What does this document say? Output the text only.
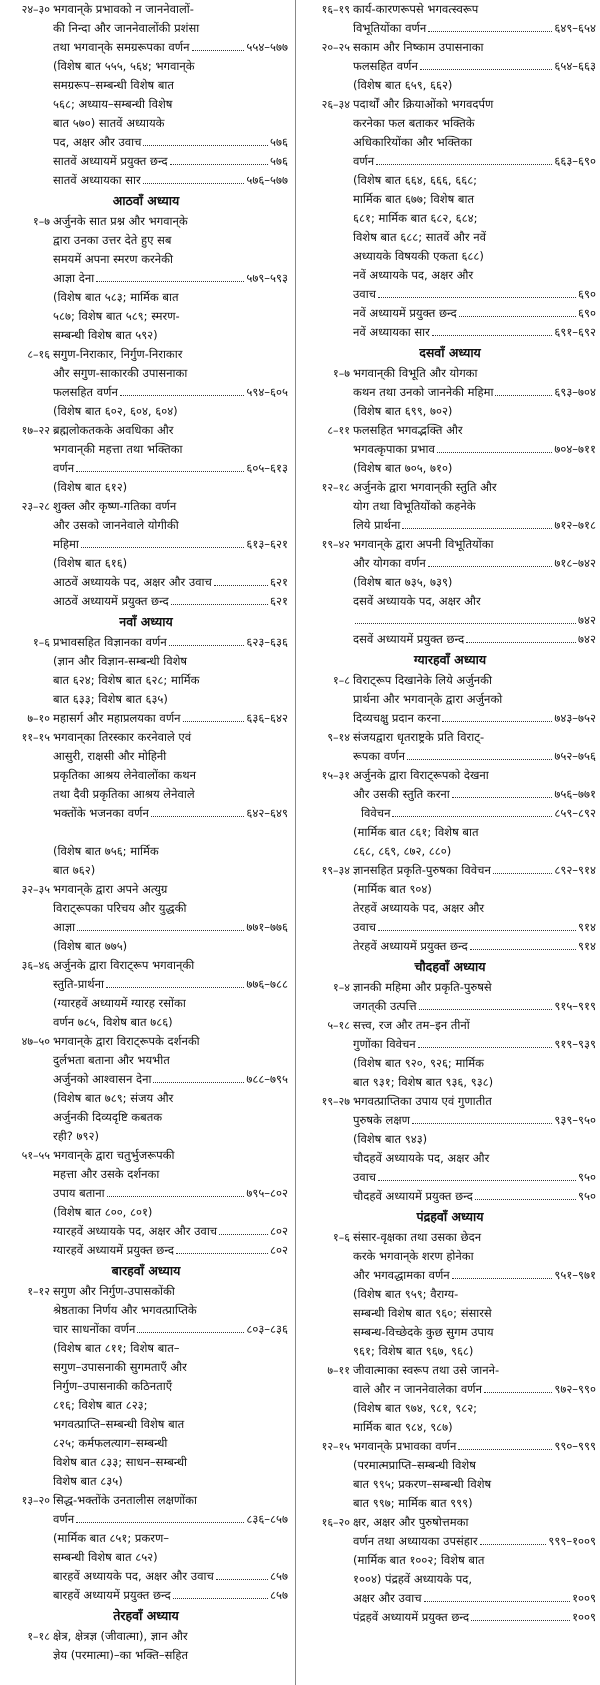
२४–३० भगवान्‌के प्रभावको न जाननेवालों-
की निन्दा और जाननेवालोंकी प्रशंसा
तथा भगवान्‌के समग्ररूपका वर्णन	५५४–५७७
(विशेष बात ५५५, ५६४; भगवान्‌के
समग्ररूप–सम्बन्धी विशेष बात
५६८; अध्याय–सम्बन्धी विशेष
बात ५७०) सातवें अध्यायके
पद, अक्षर और उवाच	५७६
सातवें अध्यायमें प्रयुक्त छन्द	५७६
सातवें अध्यायका सार	५७६–५७७
आठवाँ अध्याय
१–७ अर्जुनके सात प्रश्न और भगवान्‌के
द्वारा उनका उत्तर देते हुए सब
समयमें अपना स्मरण करनेकी
आज्ञा देना	५७९–५९३
(विशेष बात ५८३; मार्मिक बात
५८७; विशेष बात ५८९; स्मरण-
सम्बन्धी विशेष बात ५९२)
८–१६ सगुण-निराकार, निर्गुण-निराकार
और सगुण-साकारकी उपासनाका
फलसहित वर्णन	५९४–६०५
(विशेष बात ६०२, ६०४, ६०४)
१७–२२ ब्रह्मलोकतकके अवधिका और
भगवान्‌की महत्ता तथा भक्तिका
वर्णन	६०५–६१३
(विशेष बात ६१२)
२३–२८ शुक्ल और कृष्ण-गतिका वर्णन
और उसको जाननेवाले योगीकी
महिमा	६१३–६२१
(विशेष बात ६१६)
आठवें अध्यायके पद, अक्षर और उवाच	६२१
आठवें अध्यायमें प्रयुक्त छन्द	६२१
नवाँ अध्याय
१–६ प्रभावसहित विज्ञानका वर्णन	६२३–६३६
(ज्ञान और विज्ञान-सम्बन्धी विशेष
बात ६२४; विशेष बात ६२८; मार्मिक
बात ६३३; विशेष बात ६३५)
७–१० महासर्ग और महाप्रलयका वर्णन	६३६–६४२
११–१५ भगवान्‌का तिरस्कार करनेवाले एवं
आसुरी, राक्षसी और मोहिनी
प्रकृतिका आश्रय लेनेवालोंका कथन
तथा दैवी प्रकृतिका आश्रय लेनेवाले
भक्तोंके भजनका वर्णन	६४२–६४९
(विशेष बात ७५६; मार्मिक
बात ७६२)
३२–३५ भगवान्‌के द्वारा अपने अत्युग्र
विराट्‌रूपका परिचय और युद्धकी
आज्ञा	७७१–७७६
(विशेष बात ७७५)
३६–४६ अर्जुनके द्वारा विराट्‌रूप भगवान्‌की
स्तुति-प्रार्थना	७७६–७८८
(ग्यारहवें अध्यायमें ग्यारह रसोंका
वर्णन ७८५, विशेष बात ७८६)
४७–५० भगवान्‌के द्वारा विराट्‌रूपके दर्शनकी
दुर्लभता बताना और भयभीत
अर्जुनको आश्वासन देना	७८८–७९५
(विशेष बात ७८९; संजय और
अर्जुनकी दिव्यदृष्टि कबतक
रही? ७९२)
५१–५५ भगवान्‌के द्वारा चतुर्भुजरूपकी
महत्ता और उसके दर्शनका
उपाय बताना	७९५–८०२
(विशेष बात ८००, ८०१)
ग्यारहवें अध्यायके पद, अक्षर और उवाच	८०२
ग्यारहवें अध्यायमें प्रयुक्त छन्द	८०२
बारहवाँ अध्याय
१–१२ सगुण और निर्गुण-उपासकोंकी
श्रेष्ठताका निर्णय और भगवत्प्राप्तिके
चार साधनोंका वर्णन	८०३–८३६
(विशेष बात ८११; विशेष बात–
सगुण–उपासनाकी सुगमताएँ और
निर्गुण–उपासनाकी कठिनताएँ
८१६; विशेष बात ८२३;
भगवत्प्राप्ति–सम्बन्धी विशेष बात
८२५; कर्मफलत्याग–सम्बन्धी
विशेष बात ८३३; साधन–सम्बन्धी
विशेष बात ८३५)
१३–२० सिद्ध-भक्तोंके उनतालीस लक्षणोंका
वर्णन	८३६–८५७
(मार्मिक बात ८५१; प्रकरण–
सम्बन्धी विशेष बात ८५२)
बारहवें अध्यायके पद, अक्षर और उवाच	८५७
बारहवें अध्यायमें प्रयुक्त छन्द	८५७
तेरहवाँ अध्याय
१–१८ क्षेत्र, क्षेत्रज्ञ (जीवात्मा), ज्ञान और
ज्ञेय (परमात्मा)–का भक्ति–सहित
१६–१९ कार्य-कारणरूपसे भगवत्स्वरूप
विभूतियोंका वर्णन	६४९–६५४
२०–२५ सकाम और निष्काम उपासनाका
फलसहित वर्णन	६५४–६६३
(विशेष बात ६५९, ६६२)
२६–३४ पदार्थों और क्रियाओंको भगवदर्पण
करनेका फल बताकर भक्तिके
अधिकारियोंका और भक्तिका
वर्णन	६६३–६९०
(विशेष बात ६६४, ६६६, ६६८;
मार्मिक बात ६७७; विशेष बात
६८१; मार्मिक बात ६८२, ६८४;
विशेष बात ६८८; सातवें और नवें
अध्यायके विषयकी एकता ६८८)
नवें अध्यायके पद, अक्षर और
उवाच	६९०
नवें अध्यायमें प्रयुक्त छन्द	६९०
नवें अध्यायका सार	६९१–६९२
दसवाँ अध्याय
१–७ भगवान्‌की विभूति और योगका
कथन तथा उनको जाननेकी महिमा	६९३–७०४
(विशेष बात ६९९, ७०२)
८–११ फलसहित भगवद्भक्ति और
भगवत्कृपाका प्रभाव	७०४–७११
(विशेष बात ७०५, ७१०)
१२–१८ अर्जुनके द्वारा भगवान्‌की स्तुति और
योग तथा विभूतियोंको कहनेके
लिये प्रार्थना	७१२–७१८
१९–४२ भगवान्‌के द्वारा अपनी विभूतियोंका
और योगका वर्णन	७१८–७४२
(विशेष बात ७३५, ७३९)
दसवें अध्यायके पद, अक्षर और
७४२
दसवें अध्यायमें प्रयुक्त छन्द	७४२
ग्यारहवाँ अध्याय
१–८ विराट्‌रूप दिखानेके लिये अर्जुनकी
प्रार्थना और भगवान्‌के द्वारा अर्जुनको
दिव्यचक्षु प्रदान करना	७४३–७५२
९–१४ संजयद्वारा धृतराष्ट्रके प्रति विराट्-
रूपका वर्णन	७५२–७५६
१५–३१ अर्जुनके द्वारा विराट्‌रूपको देखना
और उसकी स्तुति करना	७५६–७७१
विवेचन	८५९–८९२
(मार्मिक बात ८६१; विशेष बात
८६८, ८६९, ८७२, ८८०)
१९–३४ ज्ञानसहित प्रकृति-पुरुषका विवेचन	८९२–९१४
(मार्मिक बात ९०४)
तेरहवें अध्यायके पद, अक्षर और
उवाच	९१४
तेरहवें अध्यायमें प्रयुक्त छन्द	९१४
चौदहवाँ अध्याय
१–४ ज्ञानकी महिमा और प्रकृति-पुरुषसे
जगत्‌की उत्पत्ति	९१५–९१९
५–१८ सत्त्व, रज और तम–इन तीनों
गुणोंका विवेचन	९१९–९३९
(विशेष बात ९२०, ९२६; मार्मिक
बात ९३१; विशेष बात ९३६, ९३८)
१९–२७ भगवत्प्राप्तिका उपाय एवं गुणातीत
पुरुषके लक्षण	९३९–९५०
(विशेष बात ९४३)
चौदहवें अध्यायके पद, अक्षर और
उवाच	९५०
चौदहवें अध्यायमें प्रयुक्त छन्द	९५०
पंद्रहवाँ अध्याय
१–६ संसार-वृक्षका तथा उसका छेदन
करके भगवान्‌के शरण होनेका
और भगवद्धामका वर्णन	९५१–९७१
(विशेष बात ९५९; वैराग्य-
सम्बन्धी विशेष बात ९६०; संसारसे
सम्बन्ध-विच्छेदके कुछ सुगम उपाय
९६१; विशेष बात ९६७, ९६८)
७–११ जीवात्माका स्वरूप तथा उसे जानने-
वाले और न जाननेवालेका वर्णन	९७२–९९०
(विशेष बात ९७४, ९८१, ९८२;
मार्मिक बात ९८४, ९८७)
१२–१५ भगवान्‌के प्रभावका वर्णन	९९०–९९९
(परमात्मप्राप्ति–सम्बन्धी विशेष
बात ९९५; प्रकरण–सम्बन्धी विशेष
बात ९९७; मार्मिक बात ९९९)
१६–२० क्षर, अक्षर और पुरुषोत्तमका
वर्णन तथा अध्यायका उपसंहार	९९९–१००९
(मार्मिक बात १००२; विशेष बात
१००४) पंद्रहवें अध्यायके पद,
अक्षर और उवाच	१००९
पंद्रहवें अध्यायमें प्रयुक्त छन्द	१००९
